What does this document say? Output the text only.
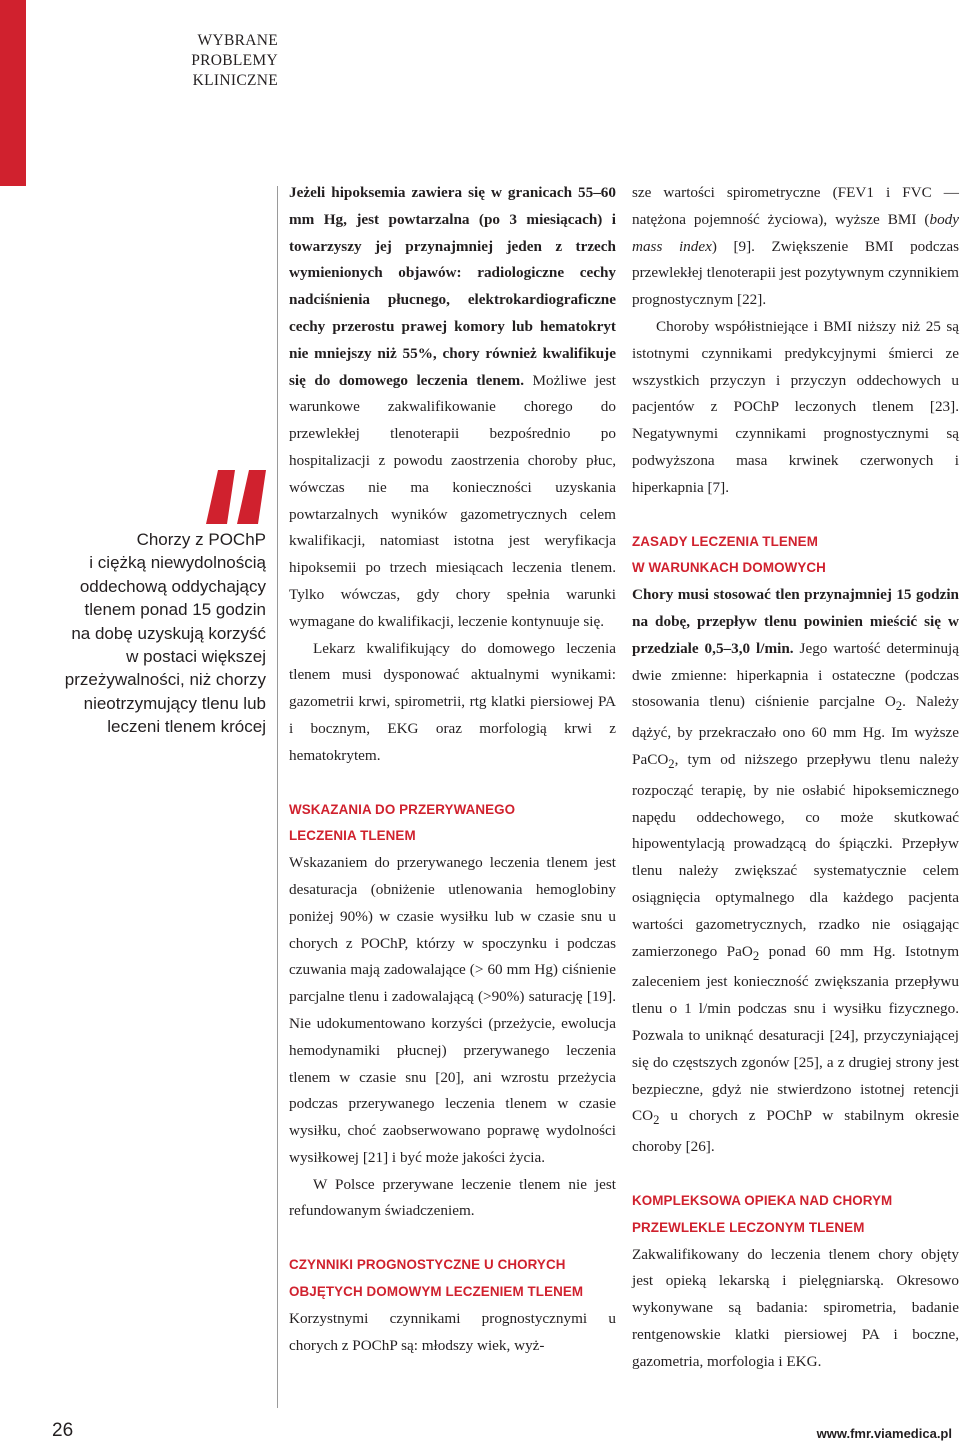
WYBRANE
PROBLEMY
KLINICZNE
Chorzy z POChP
i ciężką niewydolnością
oddechową oddychający
tlenem ponad 15 godzin
na dobę uzyskują korzyść
w postaci większej
przeżywalności, niż chorzy
nieotrzymujący tlenu lub
leczeni tlenem krócej

Jeżeli hipoksemia zawiera się w granicach 55–60 mm Hg, jest powtarzalna (po 3 miesiącach) i towarzyszy jej przynajmniej jeden z trzech wymienionych objawów: radiologiczne cechy nadciśnienia płucnego, elektrokardiograficzne cechy przerostu prawej komory lub hematokryt nie mniejszy niż 55%, chory również kwalifikuje się do domowego leczenia tlenem. Możliwe jest warunkowe zakwalifikowanie chorego do przewlekłej tlenoterapii bezpośrednio po hospitalizacji z powodu zaostrzenia choroby płuc, wówczas nie ma konieczności uzyskania powtarzalnych wyników gazometrycznych celem kwalifikacji, natomiast istotna jest weryfikacja hipoksemii po trzech miesiącach leczenia tlenem. Tylko wówczas, gdy chory spełnia warunki wymagane do kwalifikacji, leczenie kontynuuje się.

Lekarz kwalifikujący do domowego leczenia tlenem musi dysponować aktualnymi wynikami: gazometrii krwi, spirometrii, rtg klatki piersiowej PA i bocznym, EKG oraz morfologią krwi z hematokrytem.

WSKAZANIA DO PRZERYWANEGO
LECZENIA TLENEM

Wskazaniem do przerywanego leczenia tlenem jest desaturacja (obniżenie utlenowania hemoglobiny poniżej 90%) w czasie wysiłku lub w czasie snu u chorych z POChP, którzy w spoczynku i podczas czuwania mają zadowalające (> 60 mm Hg) ciśnienie parcjalne tlenu i zadowalającą (>90%) saturację [19]. Nie udokumentowano korzyści (przeżycie, ewolucja hemodynamiki płucnej) przerywanego leczenia tlenem w czasie snu [20], ani wzrostu przeżycia podczas przerywanego leczenia tlenem w czasie wysiłku, choć zaobserwowano poprawę wydolności wysiłkowej [21] i być może jakości życia.

W Polsce przerywane leczenie tlenem nie jest refundowanym świadczeniem.

CZYNNIKI PROGNOSTYCZNE U CHORYCH
OBJĘTYCH DOMOWYM LECZENIEM TLENEM

Korzystnymi czynnikami prognostycznymi u chorych z POChP są: młodszy wiek, wyż-

sze wartości spirometryczne (FEV1 i FVC — natężona pojemność życiowa), wyższe BMI (body mass index) [9]. Zwiększenie BMI podczas przewlekłej tlenoterapii jest pozytywnym czynnikiem prognostycznym [22].

Choroby współistniejące i BMI niższy niż 25 są istotnymi czynnikami predykcyjnymi śmierci ze wszystkich przyczyn i przyczyn oddechowych u pacjentów z POChP leczonych tlenem [23]. Negatywnymi czynnikami prognostycznymi są podwyższona masa krwinek czerwonych i hiperkapnia [7].

ZASADY LECZENIA TLENEM
W WARUNKACH DOMOWYCH

Chory musi stosować tlen przynajmniej 15 godzin na dobę, przepływ tlenu powinien mieścić się w przedziale 0,5–3,0 l/min. Jego wartość determinują dwie zmienne: hiperkapnia i ostateczne (podczas stosowania tlenu) ciśnienie parcjalne $O_2$. Należy dążyć, by przekraczało ono 60 mm Hg. Im wyższe PaCO$_2$, tym od niższego przepływu tlenu należy rozpocząć terapię, by nie osłabić hipoksemicznego napędu oddechowego, co może skutkować hipowentylacją prowadzącą do śpiączki. Przepływ tlenu należy zwiększać systematycznie celem osiągnięcia optymalnego dla każdego pacjenta wartości gazometrycznych, rzadko nie osiągając zamierzonego PaO$_2$ ponad 60 mm Hg. Istotnym zaleceniem jest konieczność zwiększania przepływu tlenu o 1 l/min podczas snu i wysiłku fizycznego. Pozwala to uniknąć desaturacji [24], przyczyniającej się do częstszych zgonów [25], a z drugiej strony jest bezpieczne, gdyż nie stwierdzono istotnej retencji $CO_2$ u chorych z POChP w stabilnym okresie choroby [26].

KOMPLEKSOWA OPIEKA NAD CHORYM
PRZEWLEKLE LECZONYM TLENEM

Zakwalifikowany do leczenia tlenem chory objęty jest opieką lekarską i pielęgniarską. Okresowo wykonywane są badania: spirometria, badanie rentgenowskie klatki piersiowej PA i boczne, gazometria, morfologia i EKG.

26	www.fmr.viamedica.pl
